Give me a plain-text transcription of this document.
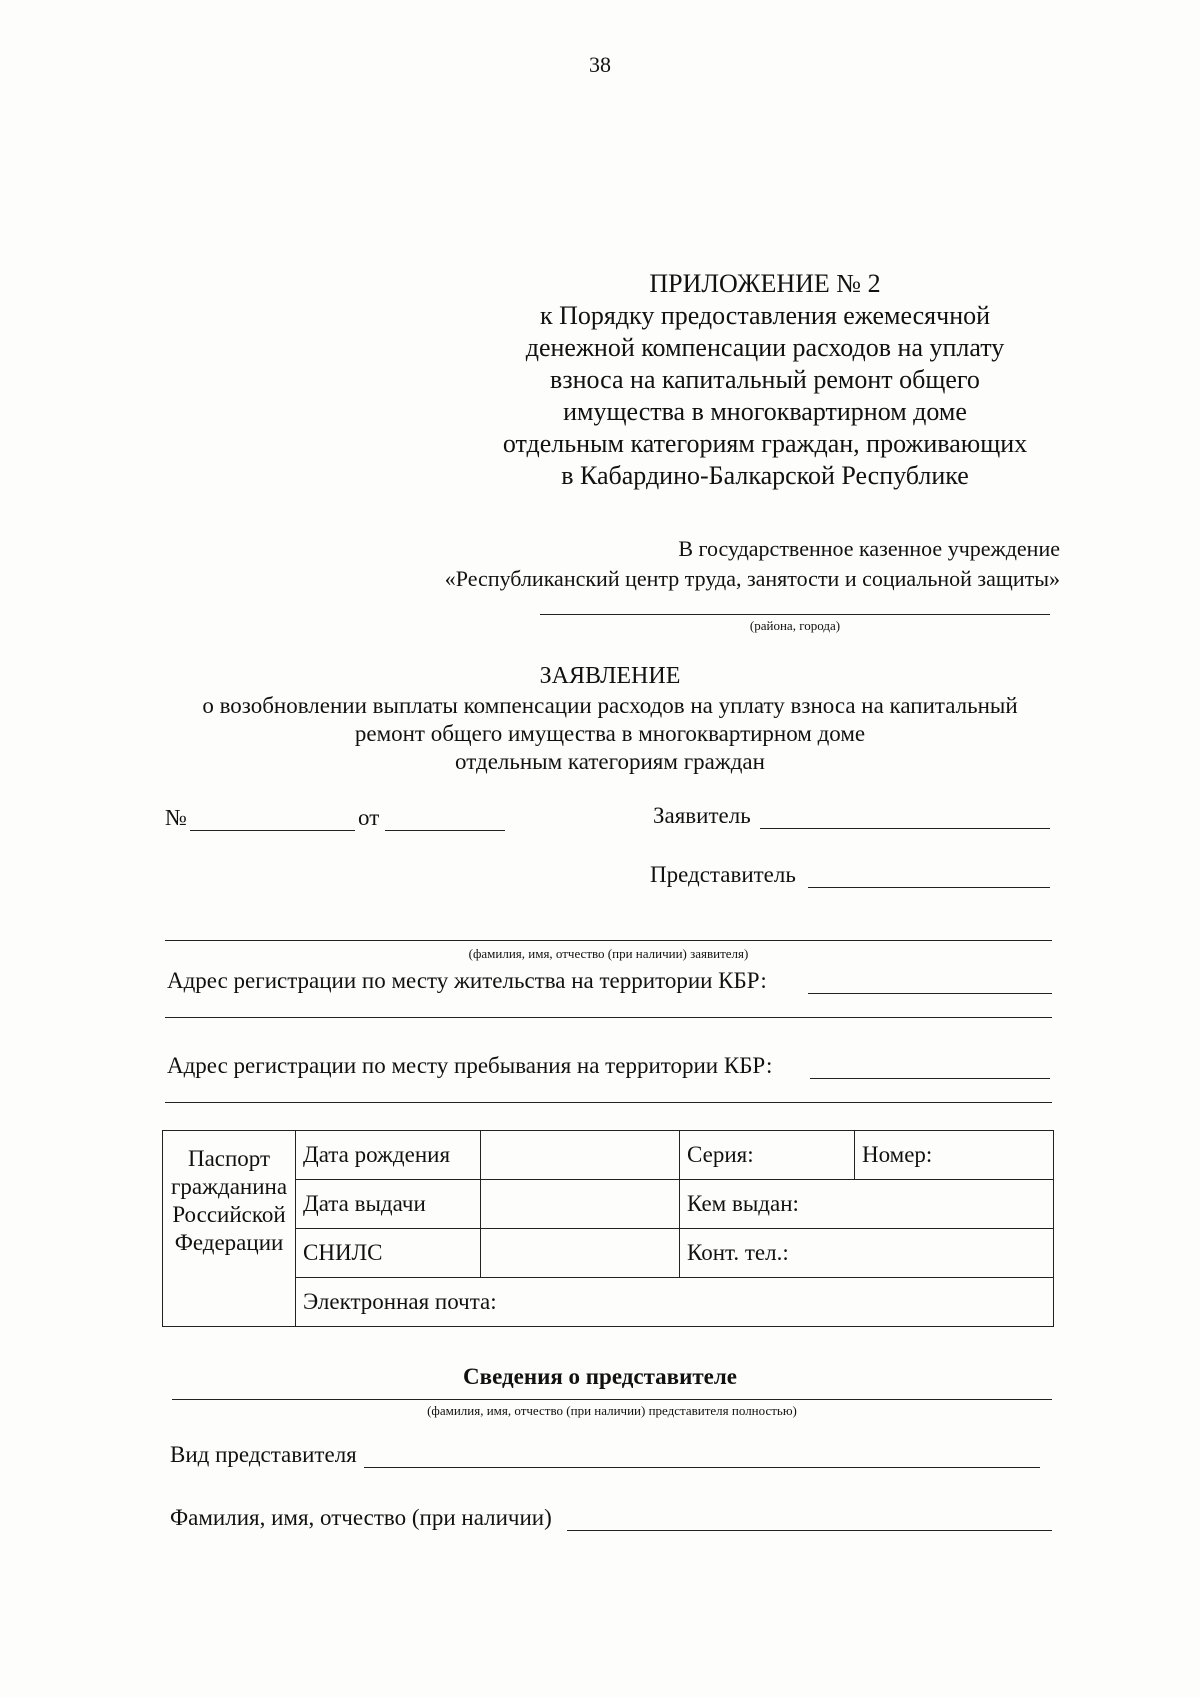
38
ПРИЛОЖЕНИЕ № 2
к Порядку предоставления ежемесячной
денежной компенсации расходов на уплату
взноса на капитальный ремонт общего
имущества в многоквартирном доме
отдельным категориям граждан, проживающих
в Кабардино-Балкарской Республике
В государственное казенное учреждение
«Республиканский центр труда, занятости и социальной защиты»
(района, города)
ЗАЯВЛЕНИЕ
о возобновлении выплаты компенсации расходов на уплату взноса на капитальный
ремонт общего имущества в многоквартирном доме
отдельным категориям граждан
№	от	Заявитель
Представитель
(фамилия, имя, отчество (при наличии) заявителя)
Адрес регистрации по месту жительства на территории КБР:
Адрес регистрации по месту пребывания на территории КБР:
Паспорт
гражданина
Российской
Федерации	Дата рождения		Серия:	Номер:
	Дата выдачи		Кем выдан:	
	СНИЛС		Конт. тел.:	
	Электронная почта:			
Сведения о представителе
(фамилия, имя, отчество (при наличии) представителя полностью)
Вид представителя
Фамилия, имя, отчество (при наличии)
